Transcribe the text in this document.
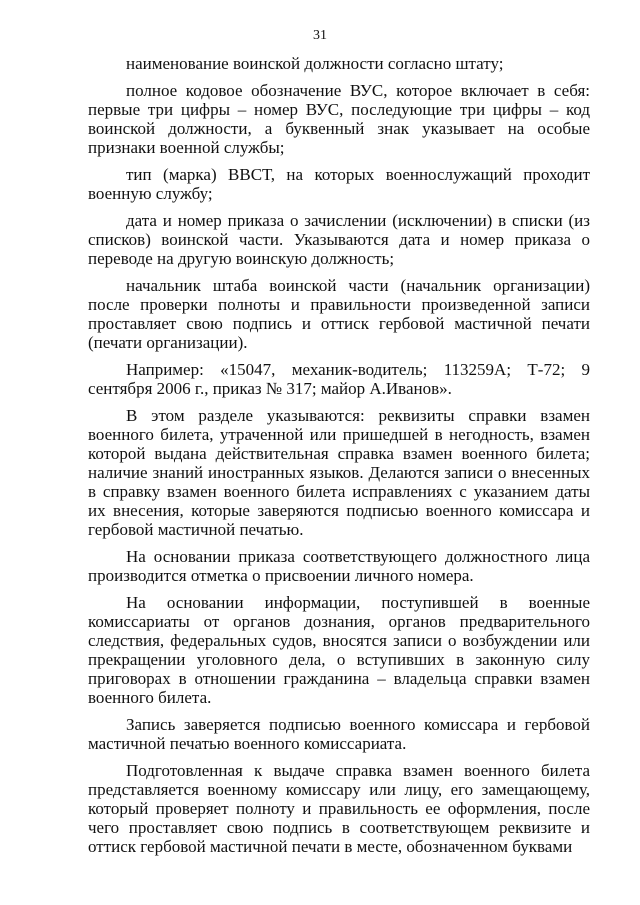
31

наименование воинской должности согласно штату;

полное кодовое обозначение ВУС, которое включает в себя: первые три цифры – номер ВУС, последующие три цифры – код воинской должности, а буквенный знак указывает на особые признаки военной службы;

тип (марка) ВВСТ, на которых военнослужащий проходит военную службу;

дата и номер приказа о зачислении (исключении) в списки (из списков) воинской части. Указываются дата и номер приказа о переводе на другую воинскую должность;

начальник штаба воинской части (начальник организации) после проверки полноты и правильности произведенной записи проставляет свою подпись и оттиск гербовой мастичной печати (печати организации).

Например: «15047, механик-водитель; 113259А; Т-72; 9 сентября 2006 г., приказ № 317; майор А.Иванов».

В этом разделе указываются: реквизиты справки взамен военного билета, утраченной или пришедшей в негодность, взамен которой выдана действительная справка взамен военного билета; наличие знаний иностранных языков. Делаются записи о внесенных в справку взамен военного билета исправлениях с указанием даты их внесения, которые заверяются подписью военного комиссара и гербовой мастичной печатью.

На основании приказа соответствующего должностного лица производится отметка о присвоении личного номера.

На основании информации, поступившей в военные комиссариаты от органов дознания, органов предварительного следствия, федеральных судов, вносятся записи о возбуждении или прекращении уголовного дела, о вступивших в законную силу приговорах в отношении гражданина – владельца справки взамен военного билета.

Запись заверяется подписью военного комиссара и гербовой мастичной печатью военного комиссариата.

Подготовленная к выдаче справка взамен военного билета представляется военному комиссару или лицу, его замещающему, который проверяет полноту и правильность ее оформления, после чего проставляет свою подпись в соответствующем реквизите и оттиск гербовой мастичной печати в месте, обозначенном буквами
